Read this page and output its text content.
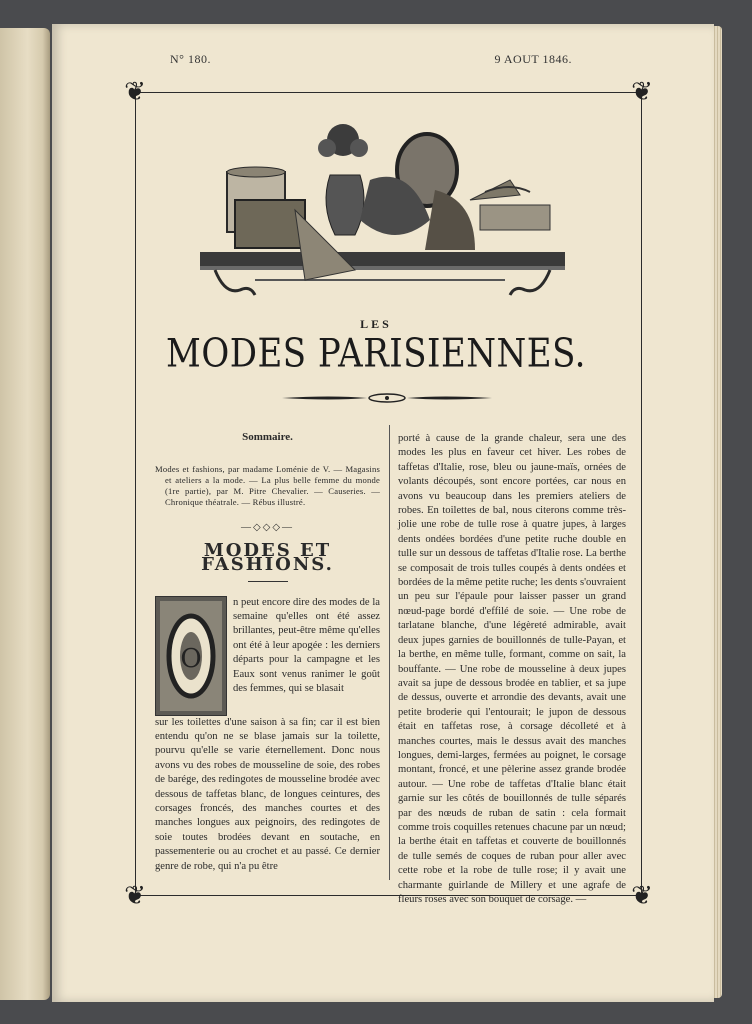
N° 180.	9 AOUT 1846.
❦	❦
❦	❦
LES
MODES PARISIENNES.

Sommaire.

Modes et fashions, par madame Loménie de V. — Magasins et ateliers a la mode. — La plus belle femme du monde (1re partie), par M. Pitre Chevalier. — Causeries. — Chronique théatrale. — Rébus illustré.

—◇◇◇—

MODES ET FASHIONS.

O

n peut encore dire des modes de la semaine qu'elles ont été assez brillantes, peut-être même qu'elles ont été à leur apogée : les derniers départs pour la campagne et les Eaux sont venus ranimer le goût des femmes, qui se blasait

sur les toilettes d'une saison à sa fin; car il est bien entendu qu'on ne se blase jamais sur la toilette, pourvu qu'elle se varie éternellement. Donc nous avons vu des robes de mousseline de soie, des robes de barége, des redingotes de mousseline brodée avec dessous de taffetas blanc, de longues ceintures, des corsages froncés, des manches courtes et des manches longues aux peignoirs, des redingotes de soie toutes brodées devant en soutache, en passementerie ou au crochet et au passé. Ce dernier genre de robe, qui n'a pu être

porté à cause de la grande chaleur, sera une des modes les plus en faveur cet hiver. Les robes de taffetas d'Italie, rose, bleu ou jaune-maïs, ornées de volants découpés, sont encore portées, car nous en avons vu beaucoup dans les premiers ateliers de robes. En toilettes de bal, nous citerons comme très-jolie une robe de tulle rose à quatre jupes, à larges dents ondées bordées d'une petite ruche double en tulle sur un dessous de taffetas d'Italie rose. La berthe se composait de trois tulles coupés à dents ondées et bordées de la même petite ruche; les dents s'ouvraient un peu sur l'épaule pour laisser passer un grand nœud-page bordé d'effilé de soie. — Une robe de tarlatane blanche, d'une légèreté admirable, avait deux jupes garnies de bouillonnés de tulle-Payan, et la berthe, en même tulle, formant, comme on sait, la bouffante. — Une robe de mousseline à deux jupes avait sa jupe de dessous brodée en tablier, et sa jupe de dessus, ouverte et arrondie des devants, avait une petite broderie qui l'entourait; le jupon de dessous était en taffetas rose, à corsage décolleté et à manches courtes, mais le dessus avait des manches longues, demi-larges, fermées au poignet, le corsage montant, froncé, et une pèlerine assez grande brodée autour. — Une robe de taffetas d'Italie blanc était garnie sur les côtés de bouillonnés de tulle séparés par des nœuds de ruban de satin : cela formait comme trois coquilles retenues chacune par un nœud; la berthe était en taffetas et couverte de bouillonnés de tulle semés de coques de ruban pour aller avec cette robe et la robe de tulle rose; il y avait une charmante guirlande de Millery et une agrafe de fleurs roses avec son bouquet de corsage. —
